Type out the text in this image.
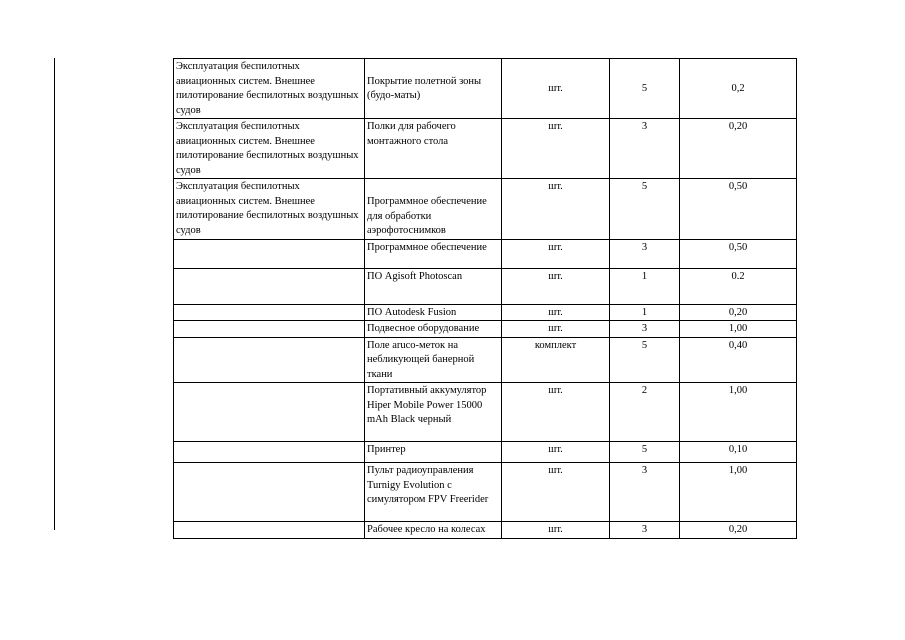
Эксплуатация беспилотных авиационных систем. Внешнее пилотирование беспилотных воздушных судов	Покрытие полетной зоны (будо-маты)	шт.	5	0,2
Эксплуатация беспилотных авиационных систем. Внешнее пилотирование беспилотных воздушных судов	Полки для рабочего монтажного стола	шт.	3	0,20
Эксплуатация беспилотных авиационных систем. Внешнее пилотирование беспилотных воздушных судов	Программное обеспечение для обработки аэрофотоснимков	шт.	5	0,50
	Программное обеспечение	шт.	3	0,50
	ПО Agisoft Photoscan	шт.	1	0.2
	ПО Autodesk Fusion	шт.	1	0,20
	Подвесное оборудование	шт.	3	1,00
	Поле aruco-меток на небликующей банерной ткани	комплект	5	0,40
	Портативный аккумулятор Hiper Mobile Power 15000 mAh Black черный	шт.	2	1,00
	Принтер	шт.	5	0,10
	Пульт радиоуправления Turnigy Evolution с симулятором FPV Freerider	шт.	3	1,00
	Рабочее кресло на колесах	шт.	3	0,20
